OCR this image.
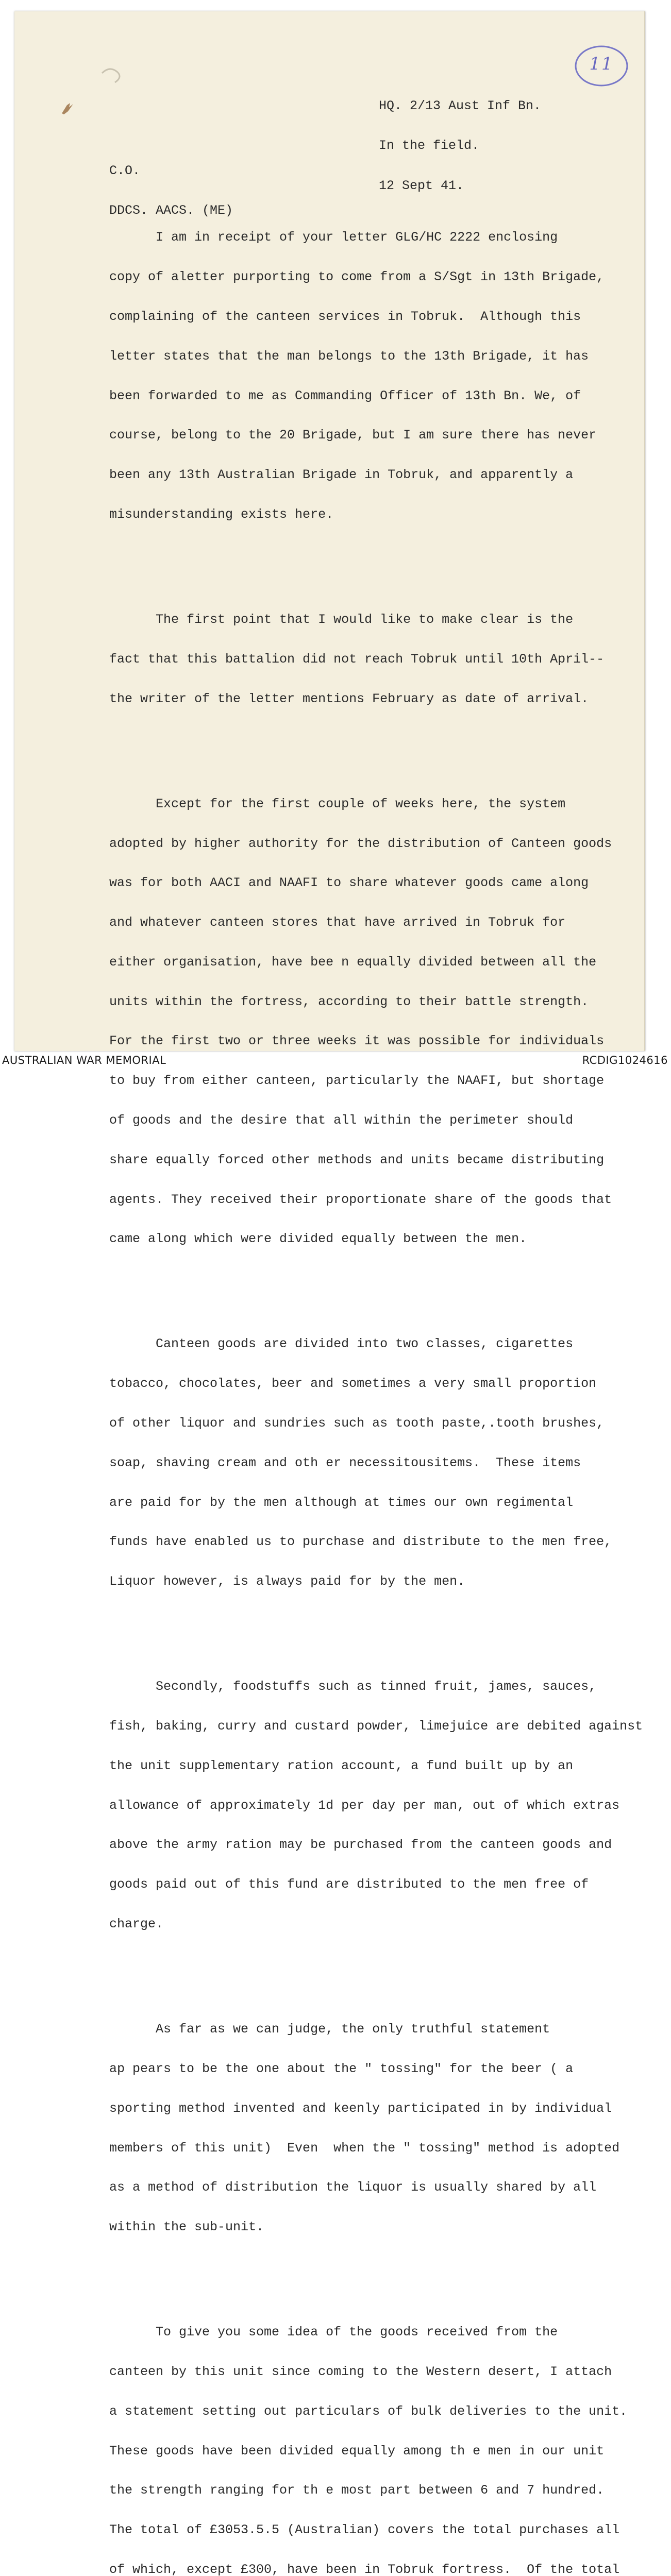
11

HQ. 2/13 Aust Inf Bn.

In the field.

12 Sept 41.

C.O.

DDCS. AACS. (ME)

I am in receipt of your letter GLG/HC 2222 enclosing

copy of aletter purporting to come from a S/Sgt in 13th Brigade,

complaining of the canteen services in Tobruk.  Although this

letter states that the man belongs to the 13th Brigade, it has

been forwarded to me as Commanding Officer of 13th Bn. We, of

course, belong to the 20 Brigade, but I am sure there has never

been any 13th Australian Brigade in Tobruk, and apparently a

misunderstanding exists here.

The first point that I would like to make clear is the

fact that this battalion did not reach Tobruk until 10th April--

the writer of the letter mentions February as date of arrival.

Except for the first couple of weeks here, the system

adopted by higher authority for the distribution of Canteen goods

was for both AACI and NAAFI to share whatever goods came along

and whatever canteen stores that have arrived in Tobruk for

either organisation, have bee n equally divided between all the

units within the fortress, according to their battle strength.

For the first two or three weeks it was possible for individuals

to buy from either canteen, particularly the NAAFI, but shortage

of goods and the desire that all within the perimeter should

share equally forced other methods and units became distributing

agents. They received their proportionate share of the goods that

came along which were divided equally between the men.

Canteen goods are divided into two classes, cigarettes

tobacco, chocolates, beer and sometimes a very small proportion

of other liquor and sundries such as tooth paste,.tooth brushes,

soap, shaving cream and oth er necessitousitems.  These items

are paid for by the men although at times our own regimental

funds have enabled us to purchase and distribute to the men free,

Liquor however, is always paid for by the men.

Secondly, foodstuffs such as tinned fruit, james, sauces,

fish, baking, curry and custard powder, limejuice are debited against

the unit supplementary ration account, a fund built up by an

allowance of approximately 1d per day per man, out of which extras

above the army ration may be purchased from the canteen goods and

goods paid out of this fund are distributed to the men free of

charge.

As far as we can judge, the only truthful statement

ap pears to be the one about the " tossing" for the beer ( a

sporting method invented and keenly participated in by individual

members of this unit)  Even  when the " tossing" method is adopted

as a method of distribution the liquor is usually shared by all

within the sub-unit.

To give you some idea of the goods received from the

canteen by this unit since coming to the Western desert, I attach

a statement setting out particulars of bulk deliveries to the unit.

These goods have been divided equally among th e men in our unit

the strength ranging for th e most part between 6 and 7 hundred.

The total of £3053.5.5 (Australian) covers the total purchases all

of which, except £300, have been in Tobruk fortress.  Of the total

AUSTRALIAN WAR MEMORIAL	RCDIG1024616
